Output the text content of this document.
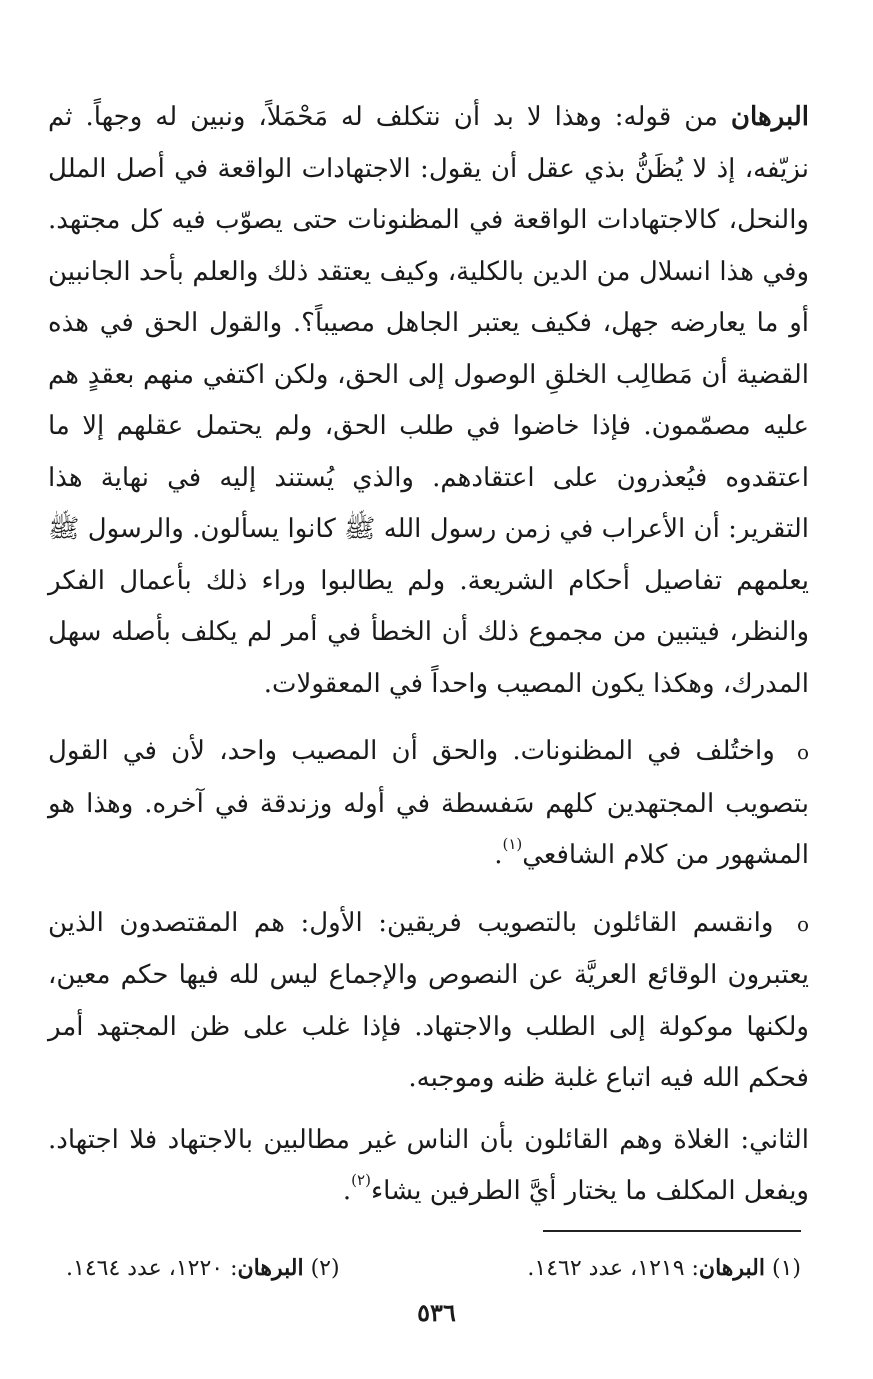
البرهان من قوله: وهذا لا بد أن نتكلف له مَحْمَلاً، ونبين له وجهاً. ثم نزيّفه، إذ لا يُظَنُّ بذي عقل أن يقول: الاجتهادات الواقعة في أصل الملل والنحل، كالاجتهادات الواقعة في المظنونات حتى يصوّب فيه كل مجتهد. وفي هذا انسلال من الدين بالكلية، وكيف يعتقد ذلك والعلم بأحد الجانبين أو ما يعارضه جهل، فكيف يعتبر الجاهل مصيباً؟. والقول الحق في هذه القضية أن مَطالِب الخلقِ الوصول إلى الحق، ولكن اكتفي منهم بعقدٍ هم عليه مصمّمون. فإذا خاضوا في طلب الحق، ولم يحتمل عقلهم إلا ما اعتقدوه فيُعذرون على اعتقادهم. والذي يُستند إليه في نهاية هذا التقرير: أن الأعراب في زمن رسول الله ﷺ كانوا يسألون. والرسول ﷺ يعلمهم تفاصيل أحكام الشريعة. ولم يطالبوا وراء ذلك بأعمال الفكر والنظر، فيتبين من مجموع ذلك أن الخطأ في أمر لم يكلف بأصله سهل المدرك، وهكذا يكون المصيب واحداً في المعقولات.

o واختُلف في المظنونات. والحق أن المصيب واحد، لأن في القول بتصويب المجتهدين كلهم سَفسطة في أوله وزندقة في آخره. وهذا هو المشهور من كلام الشافعي$^{(١)}$.

o وانقسم القائلون بالتصويب فريقين: الأول: هم المقتصدون الذين يعتبرون الوقائع العريَّة عن النصوص والإجماع ليس لله فيها حكم معين، ولكنها موكولة إلى الطلب والاجتهاد. فإذا غلب على ظن المجتهد أمر فحكم الله فيه اتباع غلبة ظنه وموجبه.

الثاني: الغلاة وهم القائلون بأن الناس غير مطالبين بالاجتهاد فلا اجتهاد. ويفعل المكلف ما يختار أيَّ الطرفين يشاء$^{(٢)}$.

(١) البرهان: ١٢١٩، عدد ١٤٦٢.
(٢) البرهان: ١٢٢٠، عدد ١٤٦٤.
٥٣٦
